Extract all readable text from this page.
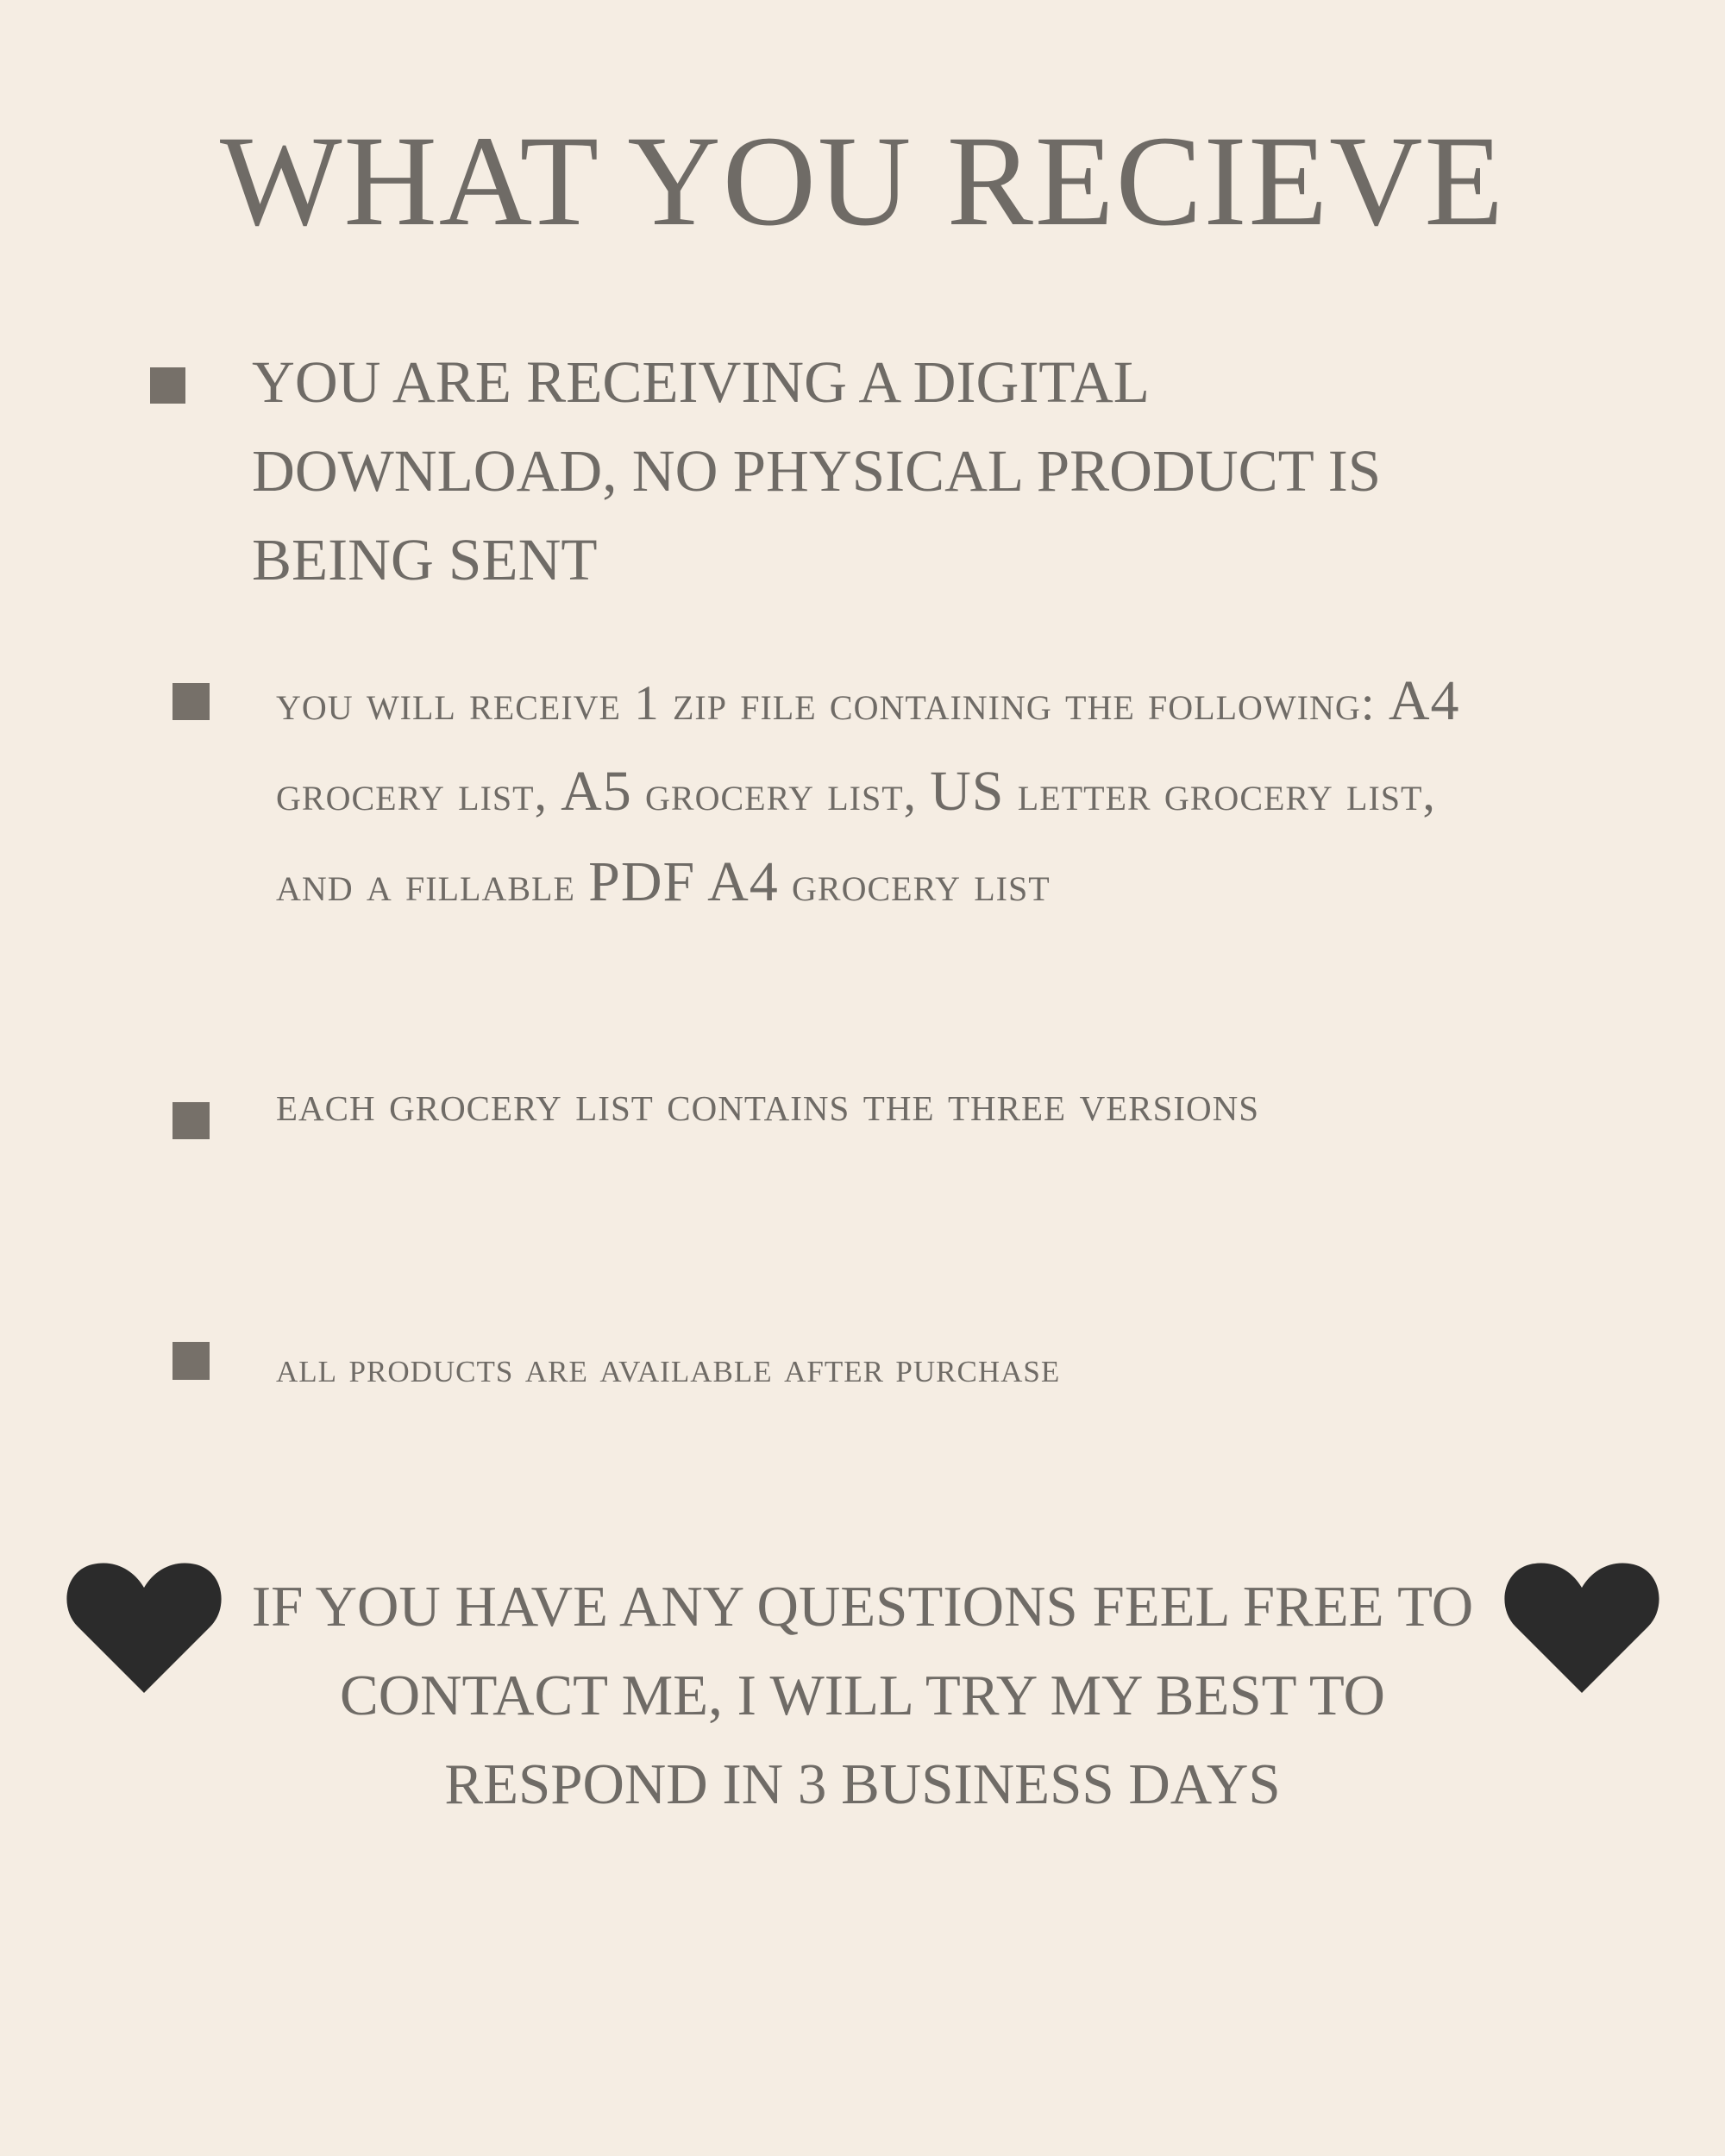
WHAT YOU RECIEVE

YOU ARE RECEIVING A DIGITAL DOWNLOAD, NO PHYSICAL PRODUCT IS BEING SENT

you will receive 1 zip file containing the following: A4 grocery list, A5 grocery list, US letter grocery list, and a fillable PDF A4 grocery list

each grocery list contains the three versions

all products are available after purchase

IF YOU HAVE ANY QUESTIONS FEEL FREE TO CONTACT ME, I WILL TRY MY BEST TO RESPOND IN 3 BUSINESS DAYS
